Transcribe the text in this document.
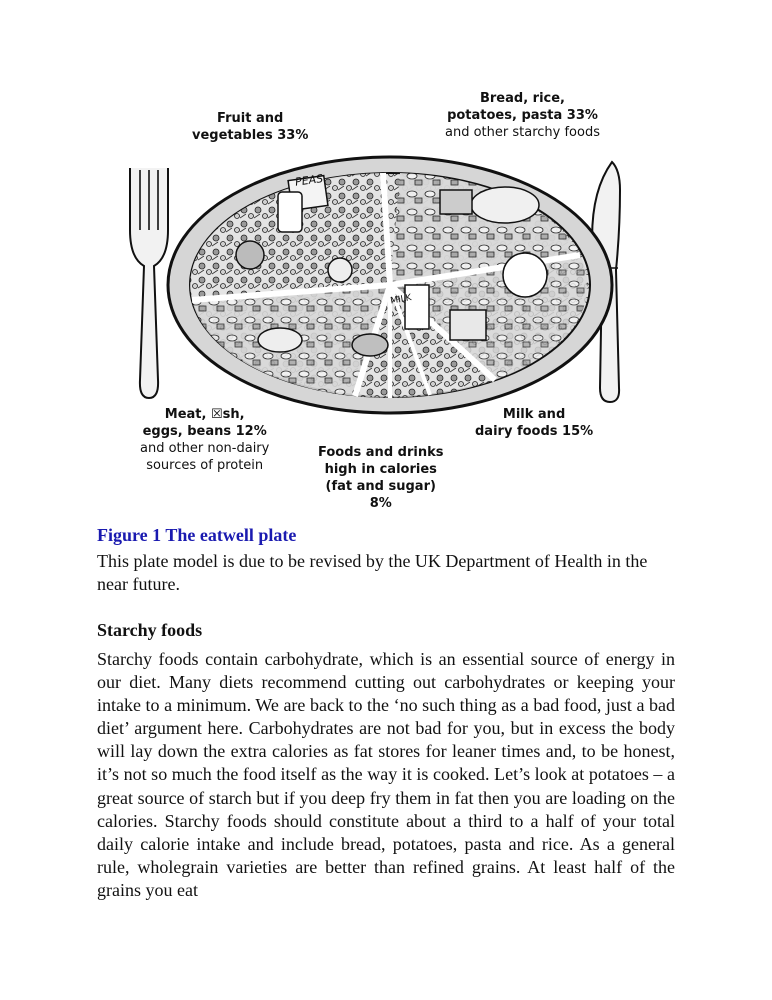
PEAS
MILK
Fruit and
vegetables 33%
Bread, rice,
potatoes, pasta 33%
and other starchy foods
Meat, ☒sh,
eggs, beans 12%
and other non-dairy
sources of protein
Milk and
dairy foods 15%
Foods and drinks
high in calories
(fat and sugar)
8%
Figure 1 The eatwell plate
This plate model is due to be revised by the UK Department of Health in the near future.
Starchy foods
Starchy foods contain carbohydrate, which is an essential source of energy in our diet. Many diets recommend cutting out carbohydrates or keeping your intake to a minimum. We are back to the ‘no such thing as a bad food, just a bad diet’ argument here. Carbohydrates are not bad for you, but in excess the body will lay down the extra calories as fat stores for leaner times and, to be honest, it’s not so much the food itself as the way it is cooked. Let’s look at potatoes – a great source of starch but if you deep fry them in fat then you are loading on the calories. Starchy foods should constitute about a third to a half of your total daily calorie intake and include bread, potatoes, pasta and rice. As a general rule, wholegrain varieties are better than refined grains. At least half of the grains you eat
